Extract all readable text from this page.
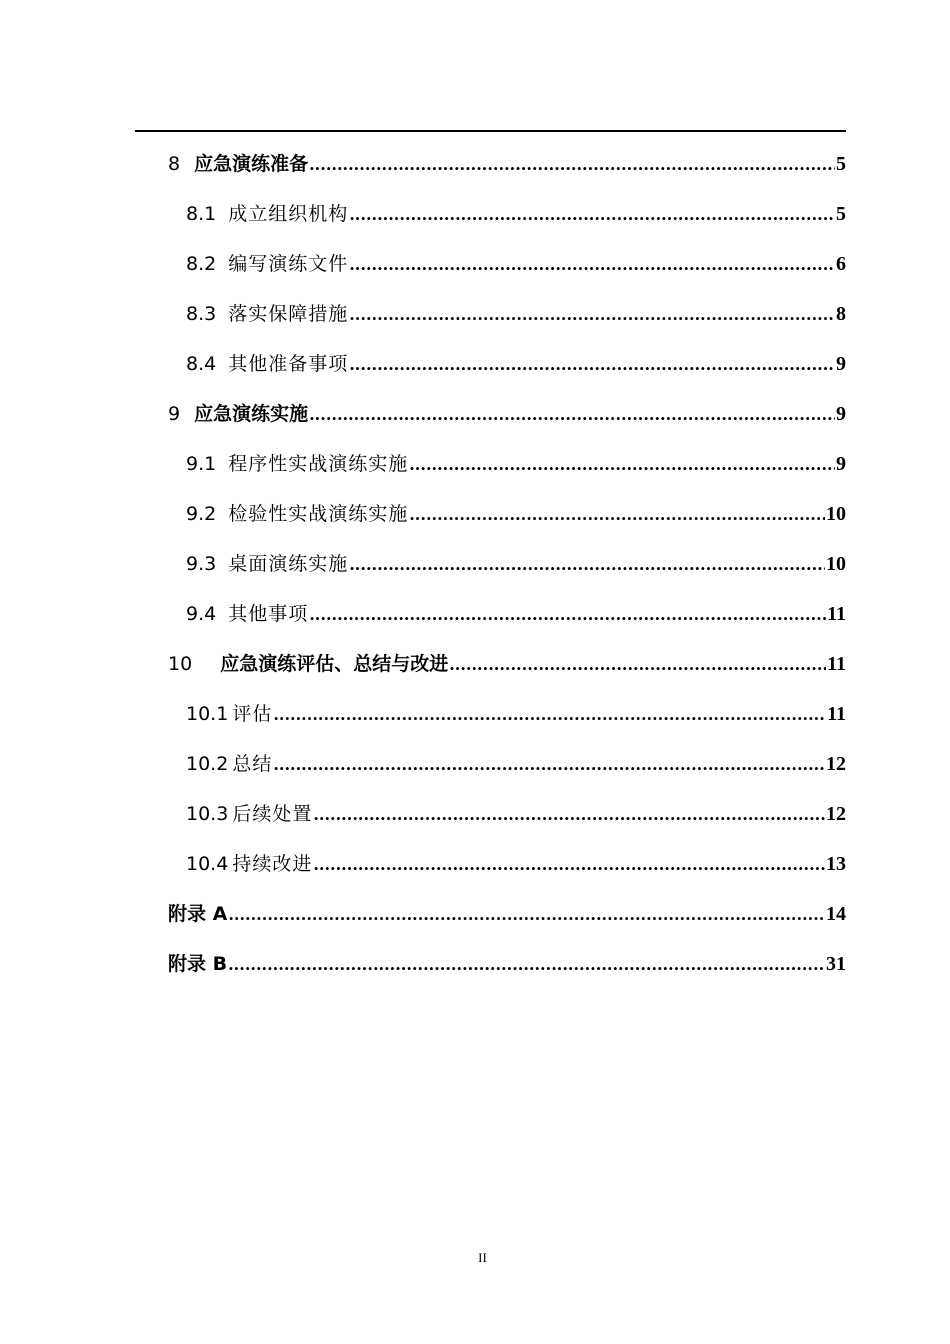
8 应急演练准备 .....	5
8.1 成立组织机构 .....	5
8.2 编写演练文件 .....	6
8.3 落实保障措施 .....	8
8.4 其他准备事项 .....	9
9 应急演练实施 .....	9
9.1 程序性实战演练实施 .....	9
9.2 检验性实战演练实施 .....	10
9.3 桌面演练实施 .....	10
9.4 其他事项 .....	11
10 应急演练评估、总结与改进 .....	11
10.1 评估 .....	11
10.2 总结 .....	12
10.3 后续处置 .....	12
10.4 持续改进 .....	13
附录 A .....	14
附录 B .....	31
II
